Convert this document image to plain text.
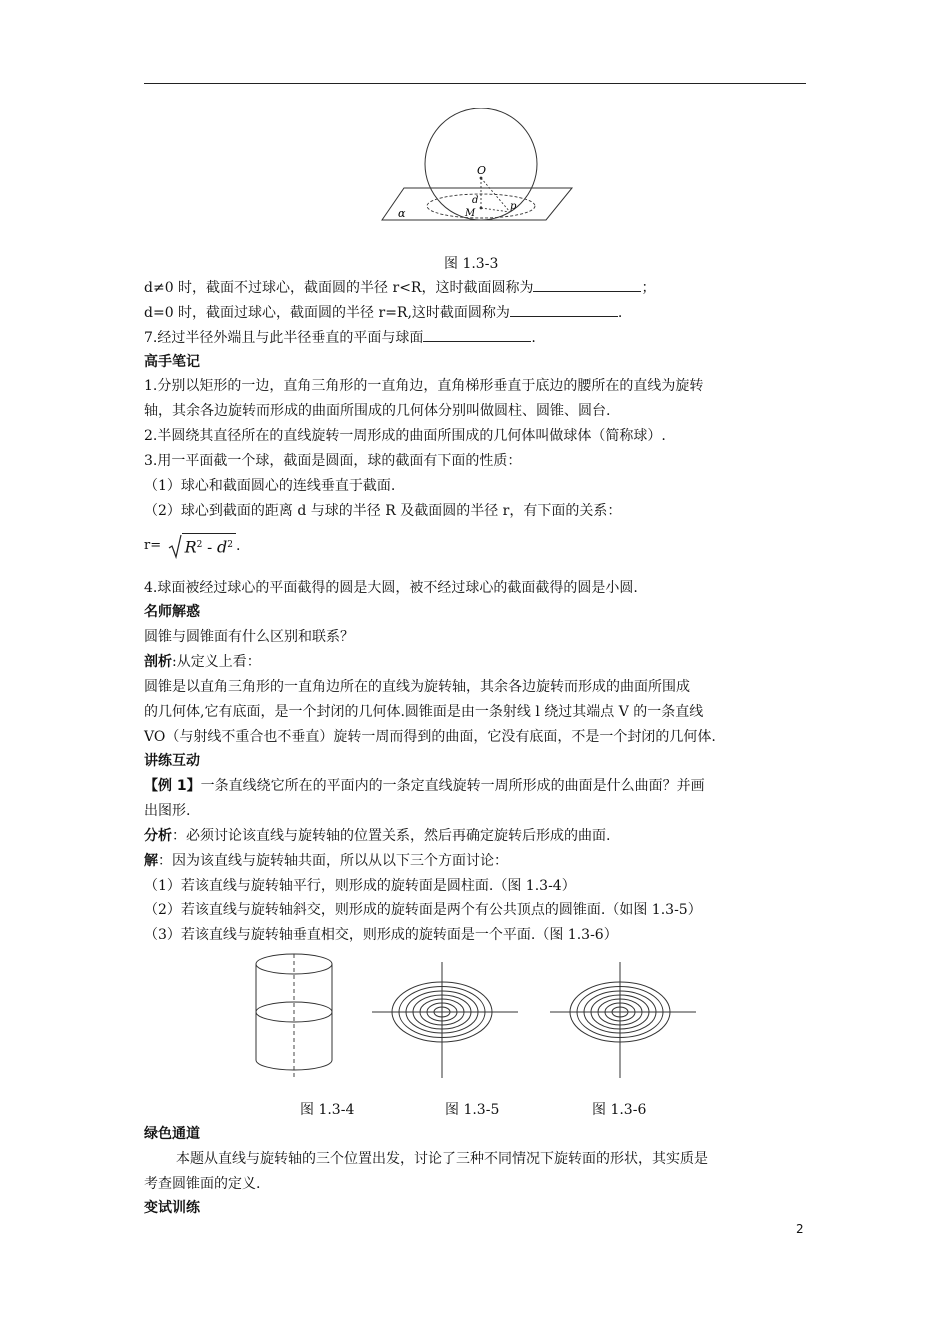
O
d
M
p
α
图 1.3-3
d≠0 时，截面不过球心，截面圆的半径 r<R，这时截面圆称为	；
d=0 时，截面过球心，截面圆的半径 r=R,这时截面圆称为	.
7.经过半径外端且与此半径垂直的平面与球面	.
高手笔记
1.分别以矩形的一边，直角三角形的一直角边，直角梯形垂直于底边的腰所在的直线为旋转
轴，其余各边旋转而形成的曲面所围成的几何体分别叫做圆柱、圆锥、圆台.
2.半圆绕其直径所在的直线旋转一周形成的曲面所围成的几何体叫做球体（简称球）.
3.用一平面截一个球，截面是圆面，球的截面有下面的性质：
（1）球心和截面圆心的连线垂直于截面.
（2）球心到截面的距离 d 与球的半径 R 及截面圆的半径 r，有下面的关系：
$r= R^2 - d^2$ .
4.球面被经过球心的平面截得的圆是大圆，被不经过球心的截面截得的圆是小圆.
名师解惑
圆锥与圆锥面有什么区别和联系？
剖析:从定义上看：
圆锥是以直角三角形的一直角边所在的直线为旋转轴，其余各边旋转而形成的曲面所围成
的几何体,它有底面，是一个封闭的几何体.圆锥面是由一条射线 l 绕过其端点 V 的一条直线
VO（与射线不重合也不垂直）旋转一周而得到的曲面，它没有底面，不是一个封闭的几何体.
讲练互动
【例 1】一条直线绕它所在的平面内的一条定直线旋转一周所形成的曲面是什么曲面？并画
出图形.
分析：必须讨论该直线与旋转轴的位置关系，然后再确定旋转后形成的曲面.
解：因为该直线与旋转轴共面，所以从以下三个方面讨论：
（1）若该直线与旋转轴平行，则形成的旋转面是圆柱面.（图 1.3-4）
（2）若该直线与旋转轴斜交，则形成的旋转面是两个有公共顶点的圆锥面.（如图 1.3-5）
（3）若该直线与旋转轴垂直相交，则形成的旋转面是一个平面.（图 1.3-6）
图 1.3-4	图 1.3-5	图 1.3-6
绿色通道
本题从直线与旋转轴的三个位置出发，讨论了三种不同情况下旋转面的形状，其实质是
考查圆锥面的定义.
变试训练
2
